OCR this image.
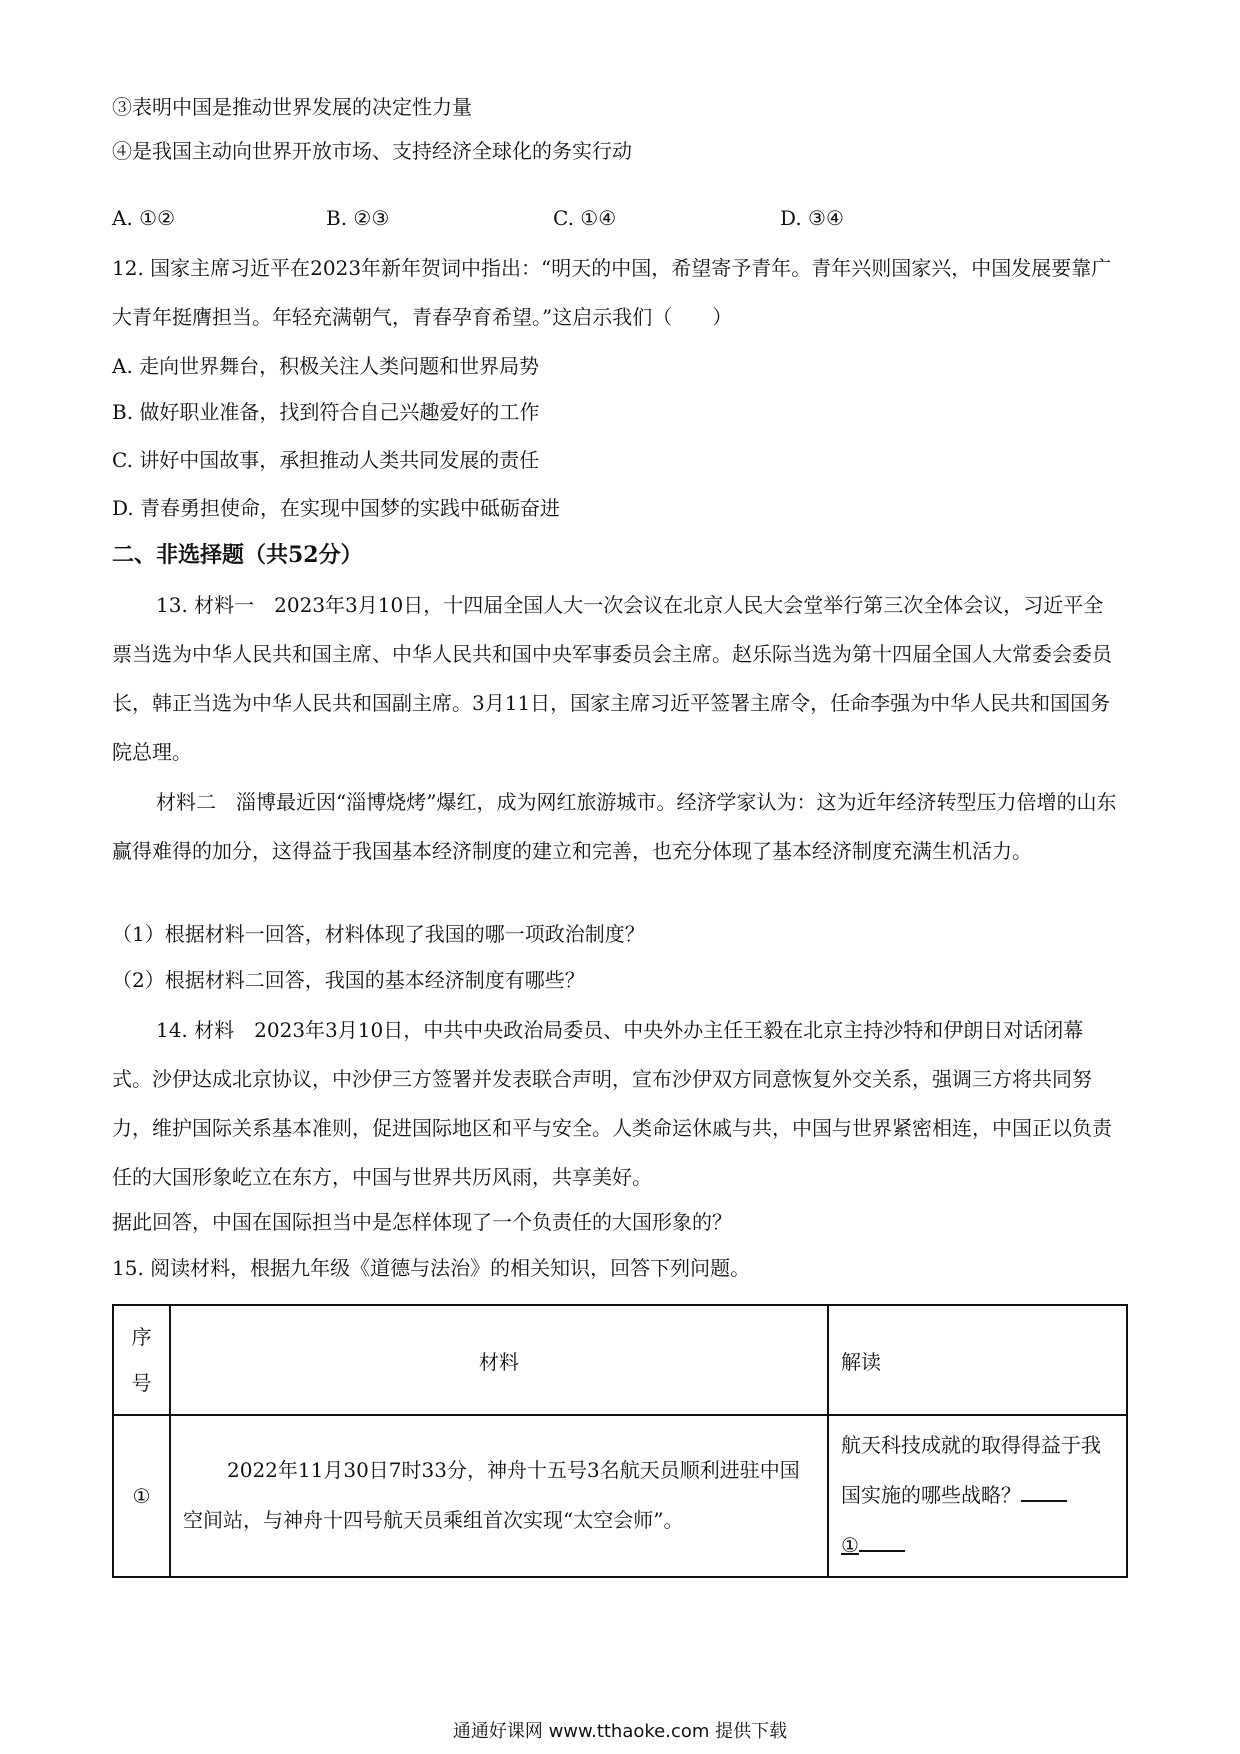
③表明中国是推动世界发展的决定性力量
④是我国主动向世界开放市场、支持经济全球化的务实行动
A. ①②	B. ②③	C. ①④	D. ③④
12. 国家主席习近平在2023年新年贺词中指出：“明天的中国，希望寄予青年。青年兴则国家兴，中国发展要靠广大青年挺膺担当。年轻充满朝气，青春孕育希望。”这启示我们（　　）
A. 走向世界舞台，积极关注人类问题和世界局势
B. 做好职业准备，找到符合自己兴趣爱好的工作
C. 讲好中国故事，承担推动人类共同发展的责任
D. 青春勇担使命，在实现中国梦的实践中砥砺奋进
二、非选择题（共52分）
13. 材料一　2023年3月10日，十四届全国人大一次会议在北京人民大会堂举行第三次全体会议，习近平全票当选为中华人民共和国主席、中华人民共和国中央军事委员会主席。赵乐际当选为第十四届全国人大常委会委员长，韩正当选为中华人民共和国副主席。3月11日，国家主席习近平签署主席令，任命李强为中华人民共和国国务院总理。
材料二　淄博最近因“淄博烧烤”爆红，成为网红旅游城市。经济学家认为：这为近年经济转型压力倍增的山东赢得难得的加分，这得益于我国基本经济制度的建立和完善，也充分体现了基本经济制度充满生机活力。
（1）根据材料一回答，材料体现了我国的哪一项政治制度？
（2）根据材料二回答，我国的基本经济制度有哪些？
14. 材料　2023年3月10日，中共中央政治局委员、中央外办主任王毅在北京主持沙特和伊朗日对话闭幕式。沙伊达成北京协议，中沙伊三方签署并发表联合声明，宣布沙伊双方同意恢复外交关系，强调三方将共同努力，维护国际关系基本准则，促进国际地区和平与安全。人类命运休戚与共，中国与世界紧密相连，中国正以负责任的大国形象屹立在东方，中国与世界共历风雨，共享美好。
据此回答，中国在国际担当中是怎样体现了一个负责任的大国形象的？
15. 阅读材料，根据九年级《道德与法治》的相关知识，回答下列问题。
序
号	材料	解读
①	2022年11月30日7时33分，神舟十五号3名航天员顺利进驻中国空间站，与神舟十四号航天员乘组首次实现“太空会师”。	航天科技成就的取得得益于我国实施的哪些战略？
①
通通好课网 www.tthaoke.com 提供下载
